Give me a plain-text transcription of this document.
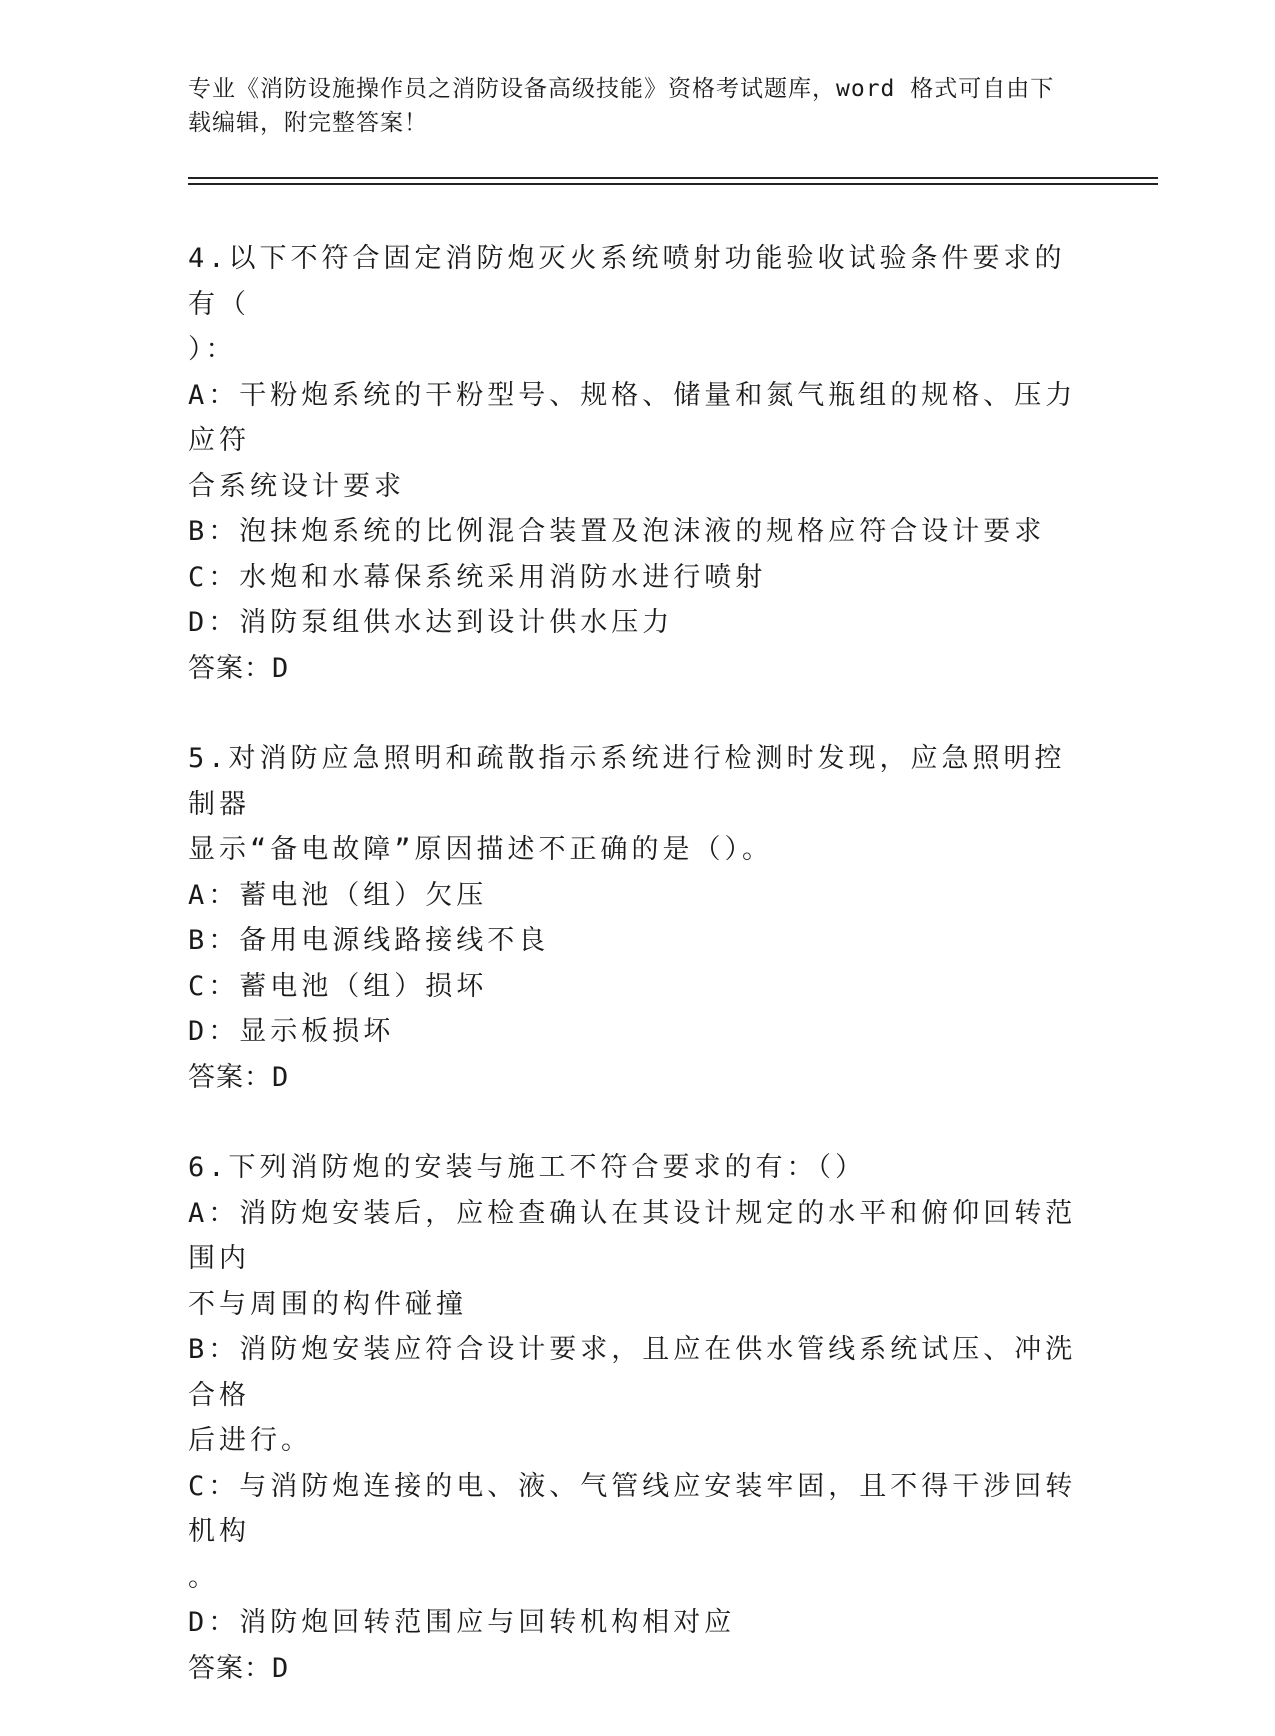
专业《消防设施操作员之消防设备高级技能》资格考试题库，word 格式可自由下
载编辑，附完整答案！
4.以下不符合固定消防炮灭火系统喷射功能验收试验条件要求的有（
）：
A：干粉炮系统的干粉型号、规格、储量和氮气瓶组的规格、压力应符
合系统设计要求
B：泡抹炮系统的比例混合装置及泡沫液的规格应符合设计要求
C：水炮和水幕保系统采用消防水进行喷射
D：消防泵组供水达到设计供水压力
答案：D
5.对消防应急照明和疏散指示系统进行检测时发现，应急照明控制器
显示“备电故障”原因描述不正确的是（）。
A：蓄电池（组）欠压
B：备用电源线路接线不良
C：蓄电池（组）损坏
D：显示板损坏
答案：D
6.下列消防炮的安装与施工不符合要求的有：（）
A：消防炮安装后，应检查确认在其设计规定的水平和俯仰回转范围内
不与周围的构件碰撞
B：消防炮安装应符合设计要求，且应在供水管线系统试压、冲洗合格
后进行。
C：与消防炮连接的电、液、气管线应安装牢固，且不得干涉回转机构
。
D：消防炮回转范围应与回转机构相对应
答案：D
